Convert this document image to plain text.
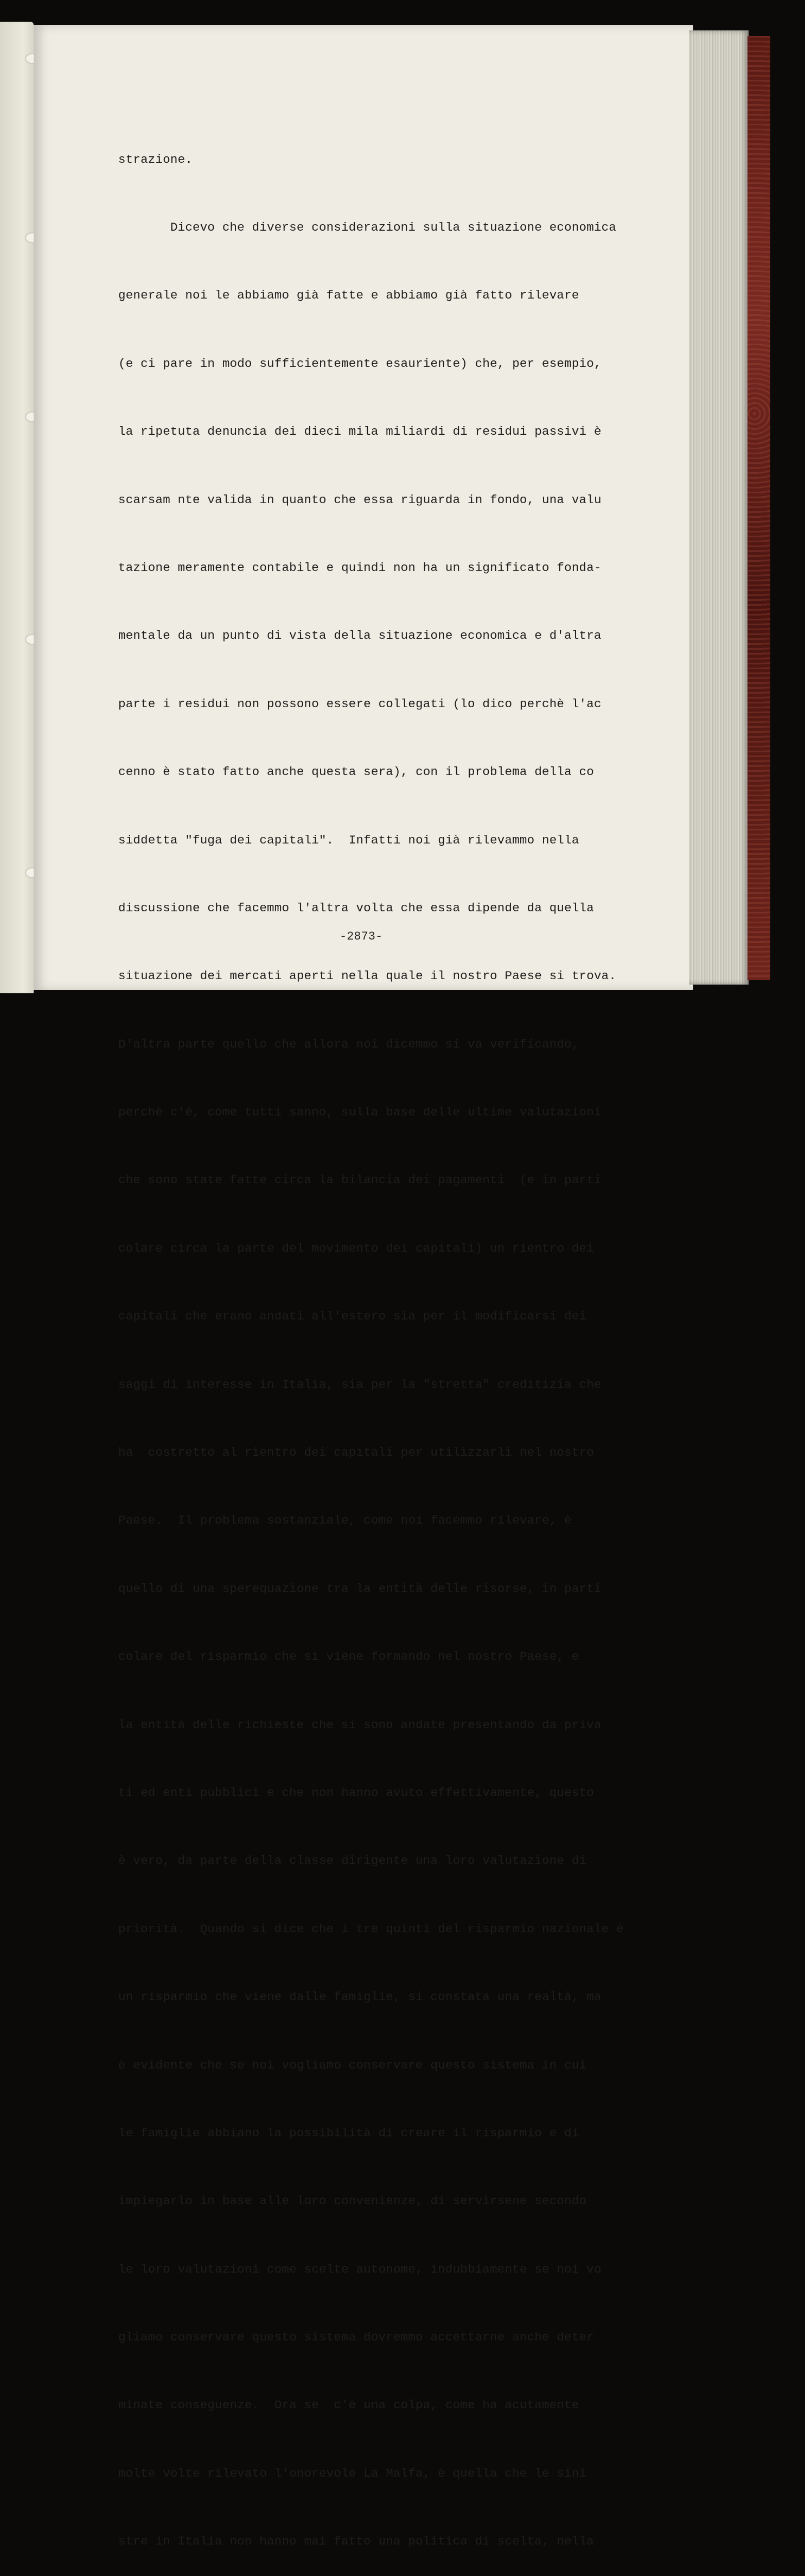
strazione.

Dicevo che diverse considerazioni sulla situazione economica

generale noi le abbiamo già fatte e abbiamo già fatto rilevare

(e ci pare in modo sufficientemente esauriente) che, per esempio,

la ripetuta denuncia dei dieci mila miliardi di residui passivi è

scarsam nte valida in quanto che essa riguarda in fondo, una valu

tazione meramente contabile e quindi non ha un significato fonda-

mentale da un punto di vista della situazione economica e d'altra

parte i residui non possono essere collegati (lo dico perchè l'ac

cenno è stato fatto anche questa sera), con il problema della co

siddetta "fuga dei capitali".  Infatti noi già rilevammo nella

discussione che facemmo l'altra volta che essa dipende da quella

situazione dei mercati aperti nella quale il nostro Paese si trova.

D'altra parte quello che allora noi dicemmo si va verificando,

perchè c'è, come tutti sanno, sulla base delle ultime valutazioni

che sono state fatte circa la bilancia dei pagamenti  (e in parti

colare circa la parte del movimento dei capitali) un rientro dei

capitali che erano andati all'estero sia per il modificarsi dei

saggi di interesse in Italia, sia per la "stretta" creditizia che

ha  costretto al rientro dei capitali per utilizzarli nel nostro

Paese.  Il problema sostanziale, come noi facemmo rilevare, è

quello di una sperequazione tra la entità delle risorse, in parti

colare del risparmio che si viene formando nel nostro Paese, e

la entità delle richieste che si sono andate presentando da priva

ti ed enti pubblici e che non hanno avuto effettivamente, questo

è vero, da parte della classe dirigente una loro valutazione di

priorità.  Quando si dice che i tre quinti del risparmio nazionale è

un risparmio che viene dalle famiglie, si constata una realtà, ma

è evidente che se noi vogliamo conservare questo sistema in cui

le famiglie abbiano la possibilità di creare il risparmio e di

impiegarlo in base alle loro convenienze, di servirsene secondo

le loro valutazioni come scelte autonome, indubbiamente se noi vo

gliamo conservare questo sistema dovremmo accettarne anche deter

minate conseguenze.  Ora se  c'è una colpa, come ha acutamente

molte volte rilevato l'onorevole La Malfa, è quella che le sini

stre in Italia non hanno mai fatto una politica di scelta, nella

-2873-
